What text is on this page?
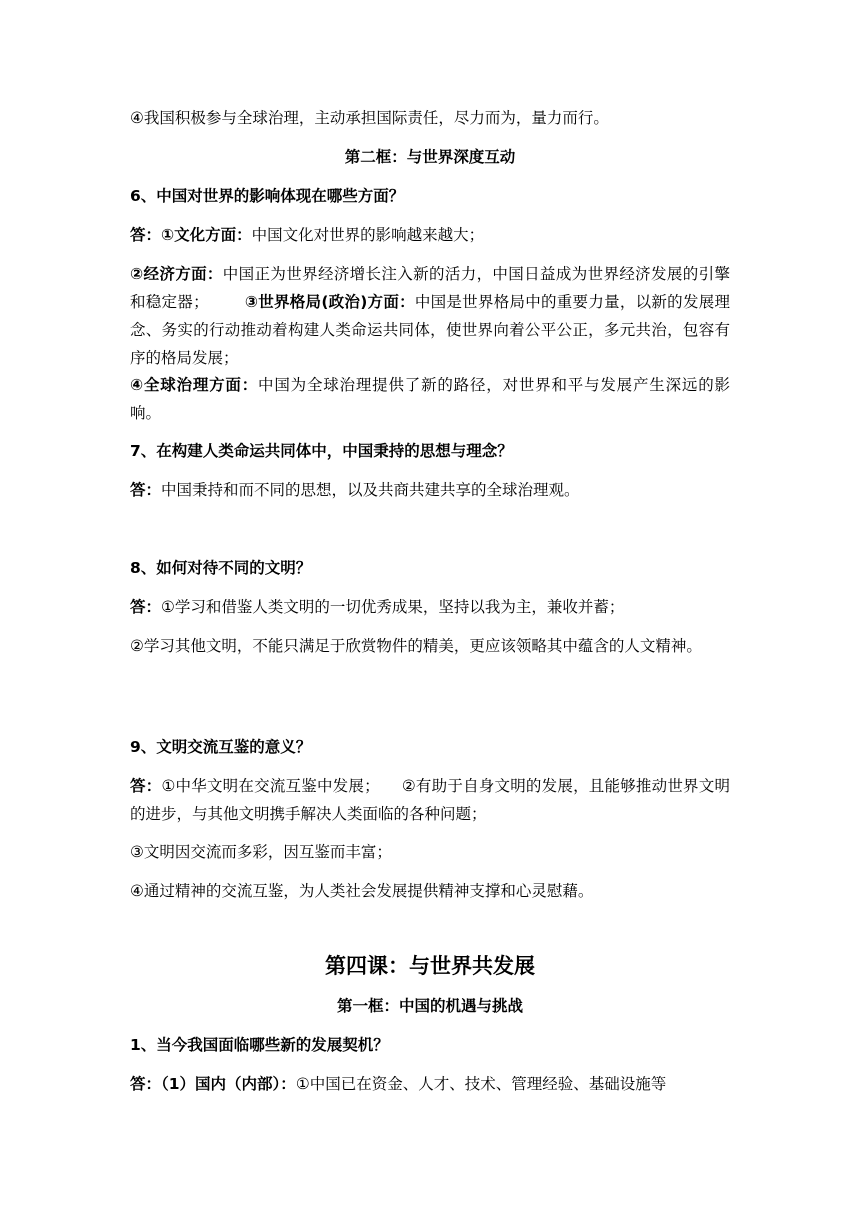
④我国积极参与全球治理，主动承担国际责任，尽力而为，量力而行。
第二框：与世界深度互动
6、中国对世界的影响体现在哪些方面？
答：①文化方面：中国文化对世界的影响越来越大；
②经济方面：中国正为世界经济增长注入新的活力，中国日益成为世界经济发展的引擎和稳定器； ③世界格局(政治)方面：中国是世界格局中的重要力量，以新的发展理念、务实的行动推动着构建人类命运共同体，使世界向着公平公正，多元共治，包容有序的格局发展；
④全球治理方面：中国为全球治理提供了新的路径，对世界和平与发展产生深远的影响。
7、在构建人类命运共同体中，中国秉持的思想与理念？
答：中国秉持和而不同的思想，以及共商共建共享的全球治理观。
8、如何对待不同的文明？
答：①学习和借鉴人类文明的一切优秀成果，坚持以我为主，兼收并蓄；
②学习其他文明，不能只满足于欣赏物件的精美，更应该领略其中蕴含的人文精神。
9、文明交流互鉴的意义？
答：①中华文明在交流互鉴中发展； ②有助于自身文明的发展，且能够推动世界文明的进步，与其他文明携手解决人类面临的各种问题；
③文明因交流而多彩，因互鉴而丰富；
④通过精神的交流互鉴，为人类社会发展提供精神支撑和心灵慰藉。
第四课：与世界共发展
第一框：中国的机遇与挑战
1、当今我国面临哪些新的发展契机？
答：（1）国内（内部）：①中国已在资金、人才、技术、管理经验、基础设施等
